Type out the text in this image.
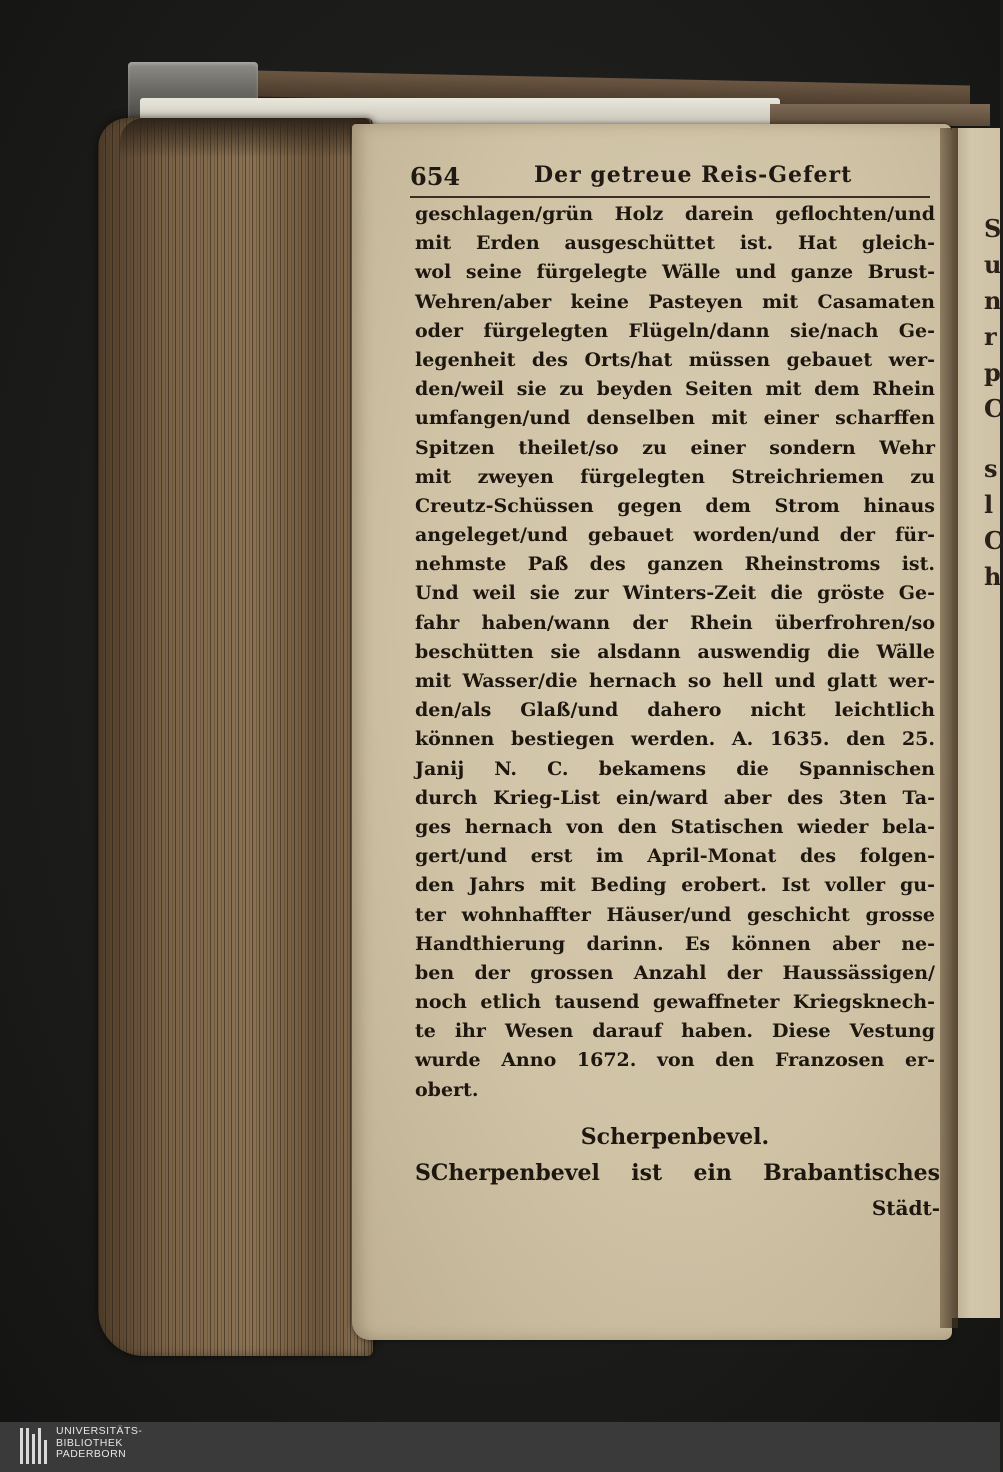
S
u
n
r
p
C
s
l
C
h
654	Der getreue Reis-Gefert
geschlagen/grün Holz darein geflochten/und
mit Erden ausgeschüttet ist. Hat gleich-
wol seine fürgelegte Wälle und ganze Brust-
Wehren/aber keine Pasteyen mit Casamaten
oder fürgelegten Flügeln/dann sie/nach Ge-
legenheit des Orts/hat müssen gebauet wer-
den/weil sie zu beyden Seiten mit dem Rhein
umfangen/und denselben mit einer scharffen
Spitzen theilet/so zu einer sondern Wehr
mit zweyen fürgelegten Streichriemen zu
Creutz-Schüssen gegen dem Strom hinaus
angeleget/und gebauet worden/und der für-
nehmste Paß des ganzen Rheinstroms ist.
Und weil sie zur Winters-Zeit die gröste Ge-
fahr haben/wann der Rhein überfrohren/so
beschütten sie alsdann auswendig die Wälle
mit Wasser/die hernach so hell und glatt wer-
den/als Glaß/und dahero nicht leichtlich
können bestiegen werden. A. 1635. den 25.
Janij N. C. bekamens die Spannischen
durch Krieg-List ein/ward aber des 3ten Ta-
ges hernach von den Statischen wieder bela-
gert/und erst im April-Monat des folgen-
den Jahrs mit Beding erobert. Ist voller gu-
ter wohnhaffter Häuser/und geschicht grosse
Handthierung darinn. Es können aber ne-
ben der grossen Anzahl der Haussässigen/
noch etlich tausend gewaffneter Kriegsknech-
te ihr Wesen darauf haben. Diese Vestung
wurde Anno 1672. von den Franzosen er-
obert.
Scherpenbevel.
SCherpenbevel ist ein Brabantisches
Städt-
UNIVERSITÄTS-
BIBLIOTHEK
PADERBORN
